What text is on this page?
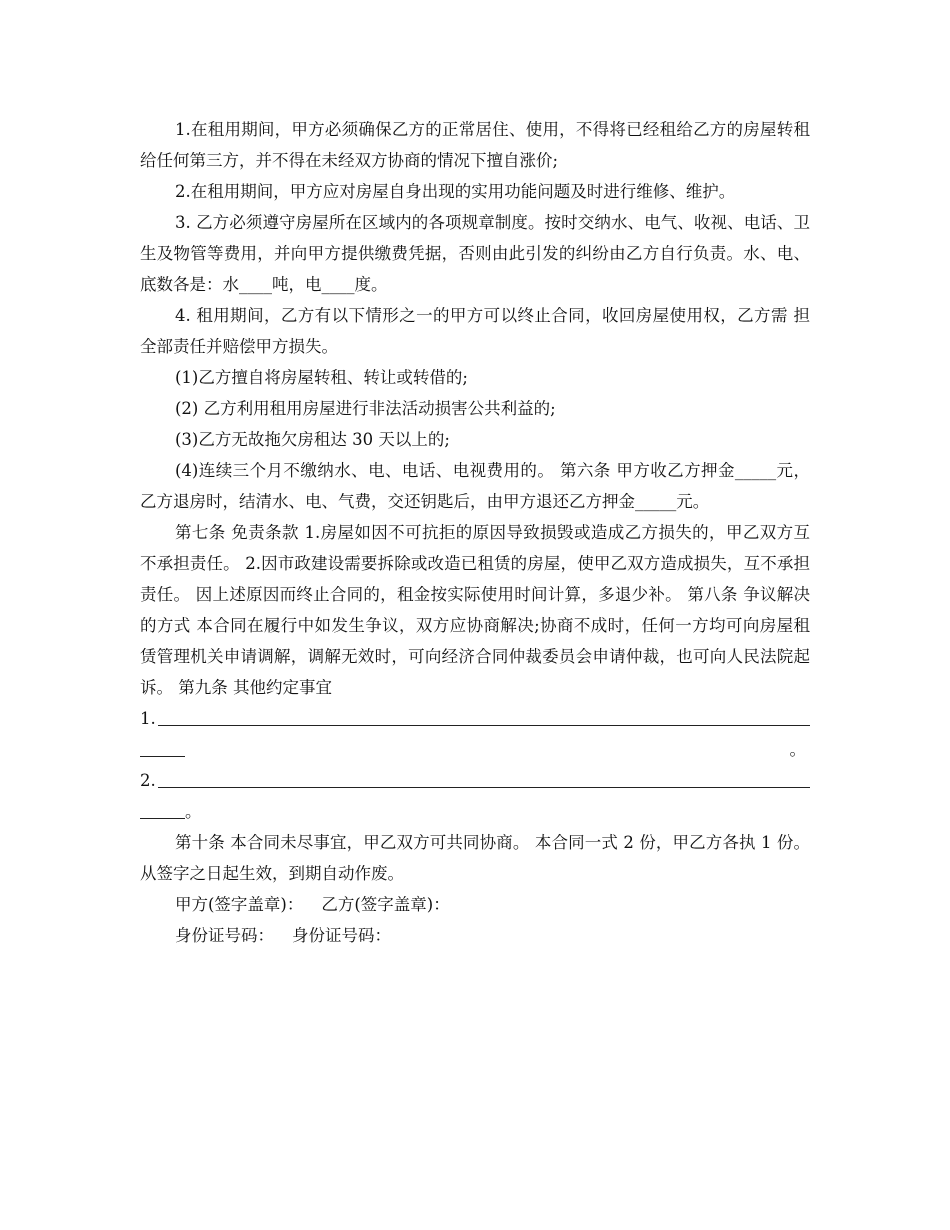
1.在租用期间，甲方必须确保乙方的正常居住、使用，不得将已经租给乙方的房屋转租给任何第三方，并不得在未经双方协商的情况下擅自涨价;

2.在租用期间，甲方应对房屋自身出现的实用功能问题及时进行维修、维护。

3. 乙方必须遵守房屋所在区域内的各项规章制度。按时交纳水、电气、收视、电话、卫生及物管等费用，并向甲方提供缴费凭据，否则由此引发的纠纷由乙方自行负责。水、电、底数各是：水____吨，电____度。

4. 租用期间，乙方有以下情形之一的甲方可以终止合同，收回房屋使用权，乙方需 担全部责任并赔偿甲方损失。

(1)乙方擅自将房屋转租、转让或转借的;

(2) 乙方利用租用房屋进行非法活动损害公共利益的;

(3)乙方无故拖欠房租达 30 天以上的;

(4)连续三个月不缴纳水、电、电话、电视费用的。 第六条 甲方收乙方押金_____元，乙方退房时，结清水、电、气费，交还钥匙后，由甲方退还乙方押金_____元。

第七条 免责条款 1.房屋如因不可抗拒的原因导致损毁或造成乙方损失的，甲乙双方互不承担责任。 2.因市政建设需要拆除或改造已租赁的房屋，使甲乙双方造成损失，互不承担责任。 因上述原因而终止合同的，租金按实际使用时间计算，多退少补。 第八条 争议解决的方式 本合同在履行中如发生争议，双方应协商解决;协商不成时，任何一方均可向房屋租赁管理机关申请调解，调解无效时，可向经济合同仲裁委员会申请仲裁，也可向人民法院起诉。 第九条 其他约定事宜

1.
。
2.
。

第十条 本合同未尽事宜，甲乙双方可共同协商。 本合同一式 2 份，甲乙方各执 1 份。从签字之日起生效，到期自动作废。

甲方(签字盖章)： 乙方(签字盖章)：

身份证号码： 身份证号码：
